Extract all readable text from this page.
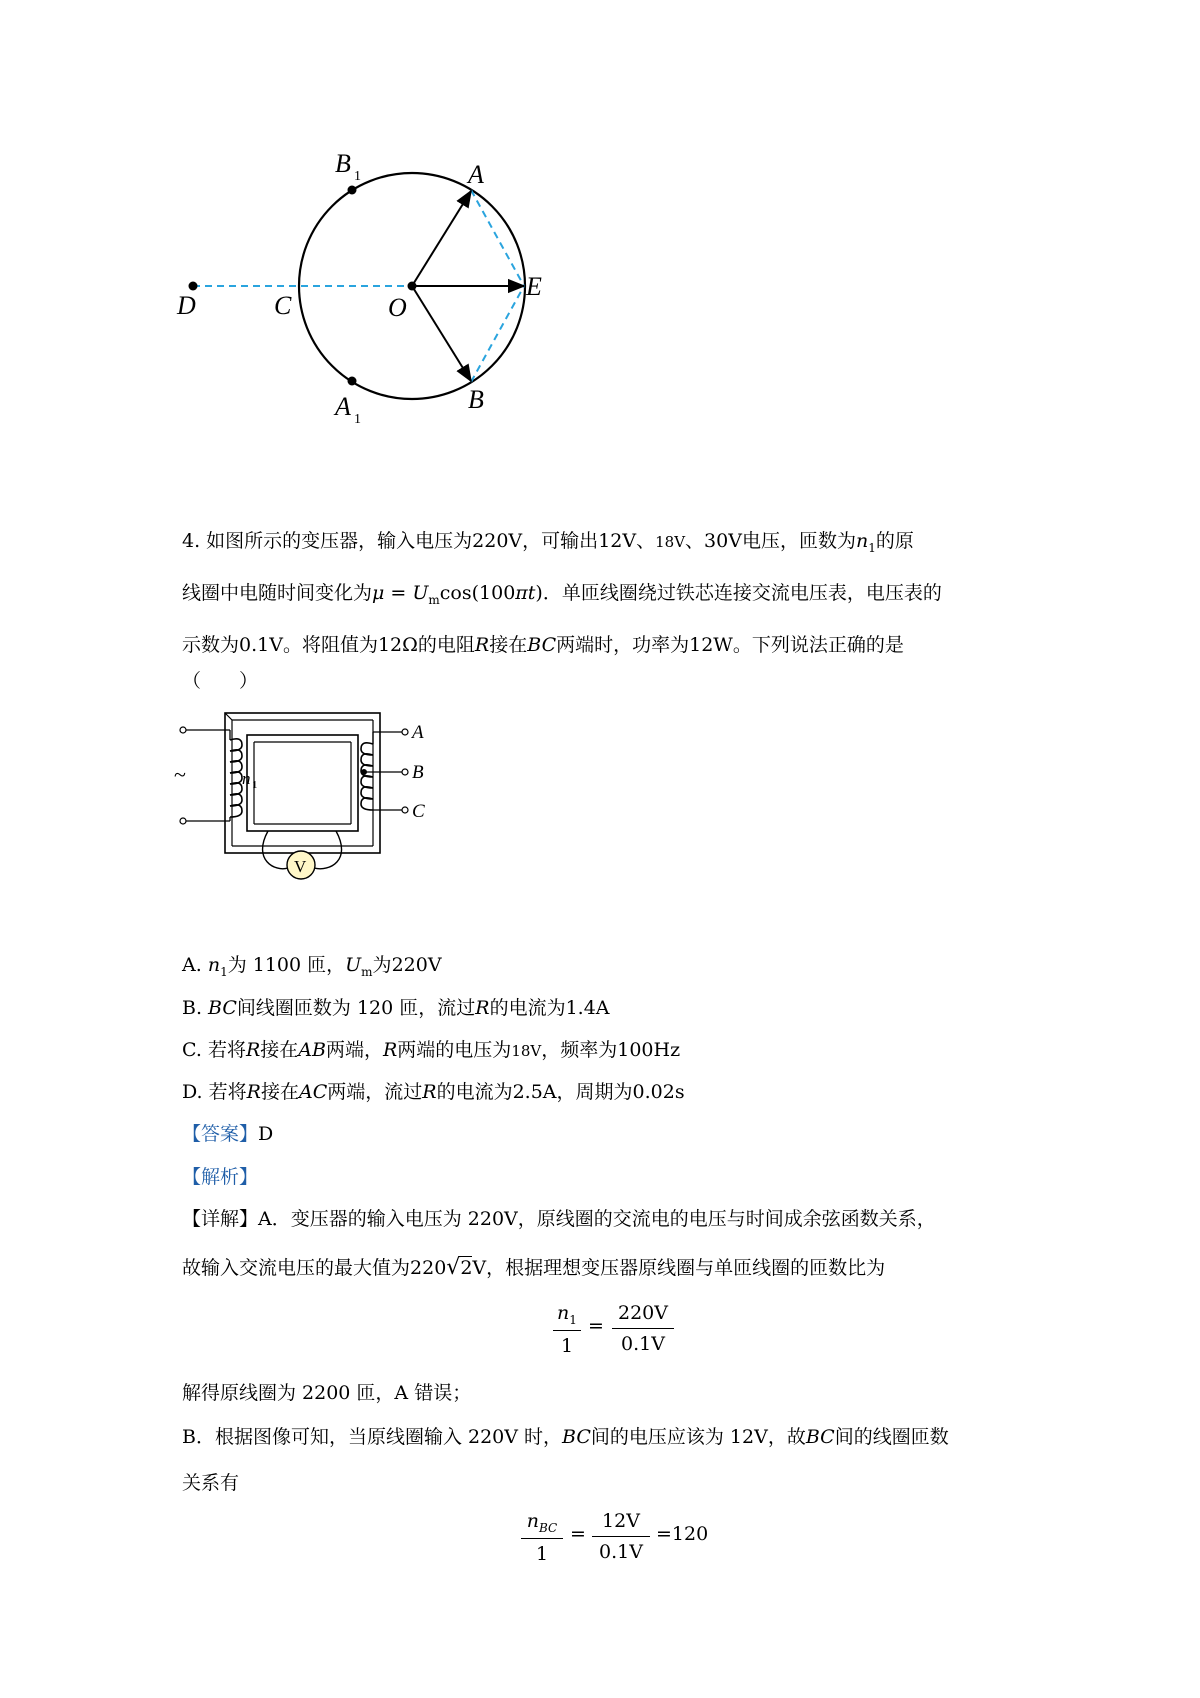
B 1	A
E
D	C	O
B
A 1
4. 如图所示的变压器，输入电压为220V，可输出12V、18V、30V电压，匝数为$n_1$的原
线圈中电随时间变化为$\mu = U_m\cos(100\pi t)$．单匝线圈绕过铁芯连接交流电压表，电压表的
示数为0.1V。将阻值为12Ω的电阻R接在BC两端时，功率为12W。下列说法正确的是
（　　）
~	n 1
A
B
C
V
A. $n_1$为 1100 匝，$U_m$为220V
B. BC间线圈匝数为 120 匝，流过R的电流为1.4A
C. 若将R接在AB两端，R两端的电压为18V，频率为100Hz
D. 若将R接在AC两端，流过R的电流为2.5A，周期为0.02s
【答案】D
【解析】
【详解】A．变压器的输入电压为 220V，原线圈的交流电的电压与时间成余弦函数关系，
故输入交流电压的最大值为220√2V，根据理想变压器原线圈与单匝线圈的匝数比为
$n_1$
1
=
220V
0.1V
解得原线圈为 2200 匝，A 错误；
B．根据图像可知，当原线圈输入 220V 时，BC间的电压应该为 12V，故BC间的线圈匝数
关系有
$n_{BC}$
1
=
12V
0.1V
=120
